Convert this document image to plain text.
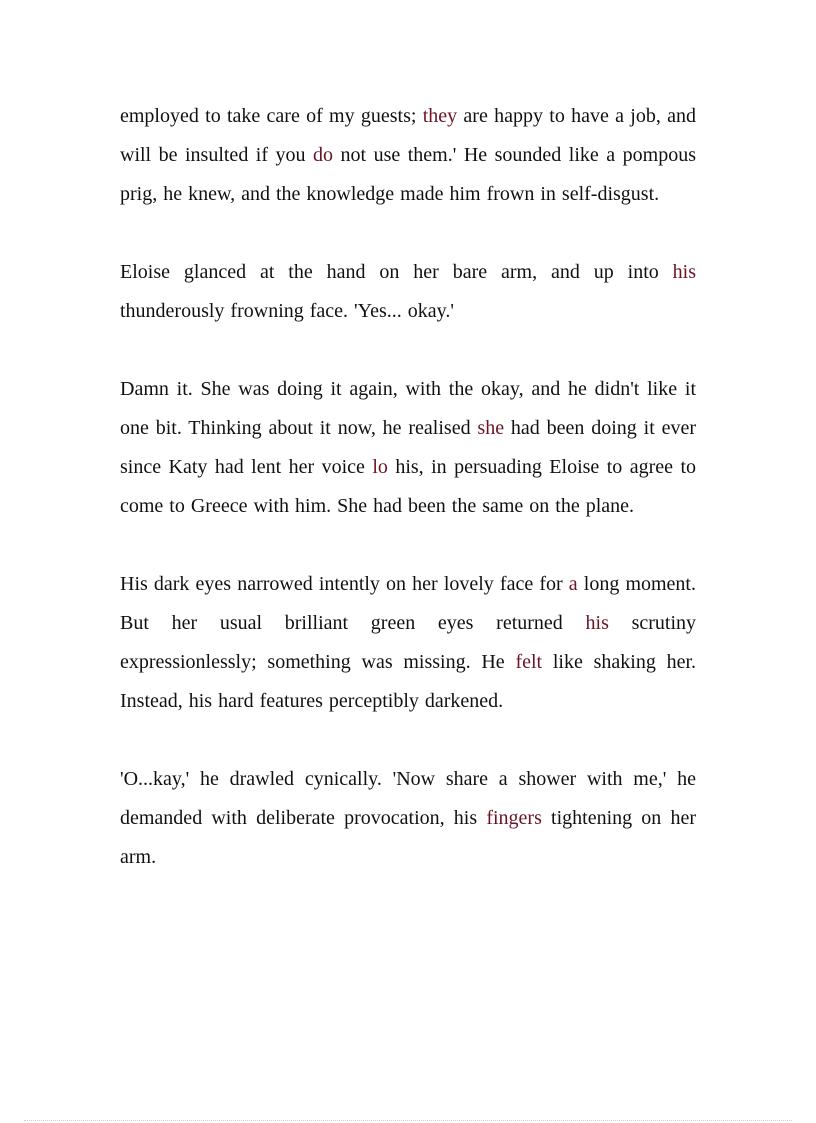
employed to take care of my guests; they are happy to have a job, and will be insulted if you do not use them.' He sounded like a pompous prig, he knew, and the knowledge made him frown in self-disgust.

Eloise glanced at the hand on her bare arm, and up into his thunderously frowning face. 'Yes... okay.'

Damn it. She was doing it again, with the okay, and he didn't like it one bit. Thinking about it now, he realised she had been doing it ever since Katy had lent her voice lo his, in persuading Eloise to agree to come to Greece with him. She had been the same on the plane.

His dark eyes narrowed intently on her lovely face for a long moment. But her usual brilliant green eyes returned his scrutiny expressionlessly; something was missing. He felt like shaking her. Instead, his hard features perceptibly darkened.

'O...kay,' he drawled cynically. 'Now share a shower with me,' he demanded with deliberate provocation, his fingers tightening on her arm.
